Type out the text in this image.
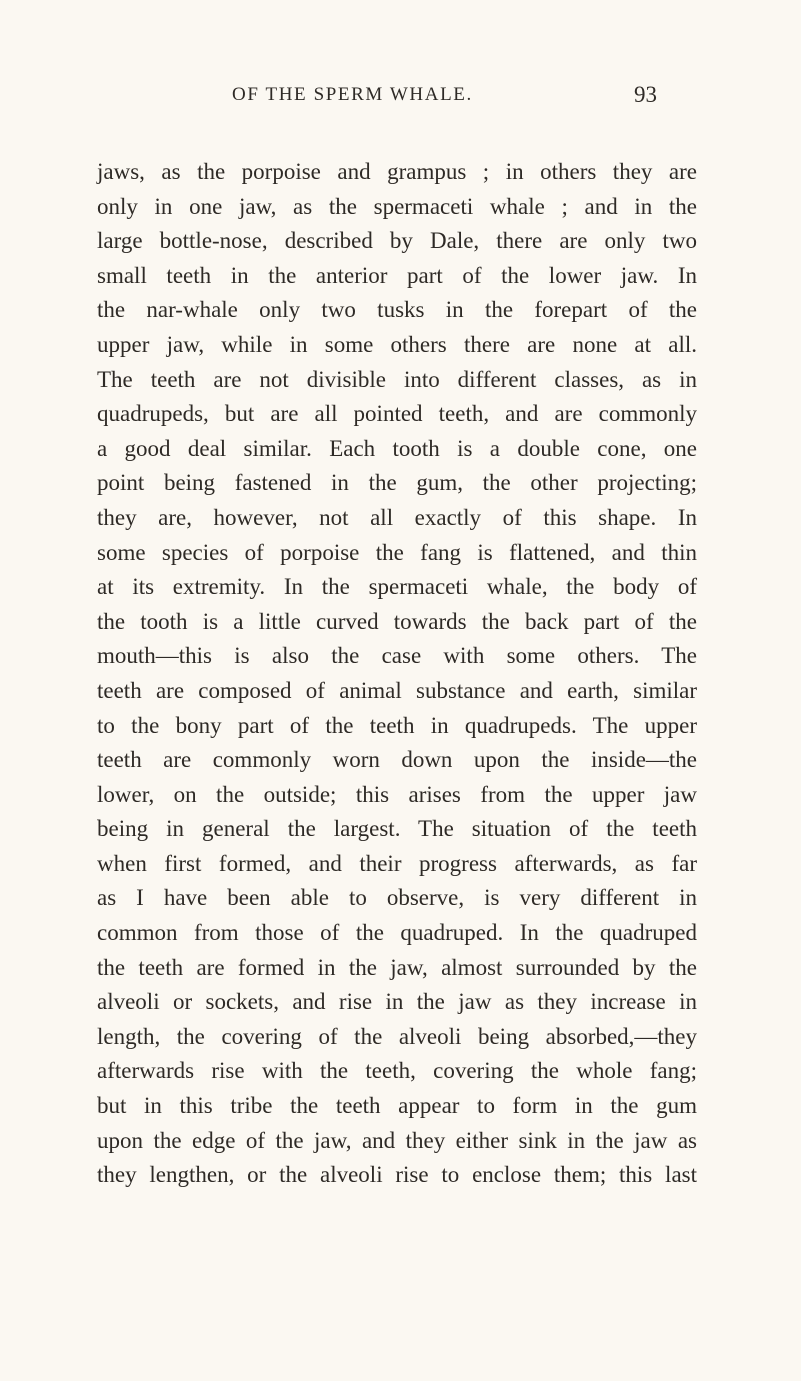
OF THE SPERM WHALE.	93
jaws, as the porpoise and grampus ; in others they are
only in one jaw, as the spermaceti whale ; and in the
large bottle-nose, described by Dale, there are only two
small teeth in the anterior part of the lower jaw. In
the nar-whale only two tusks in the forepart of the
upper jaw, while in some others there are none at all.
The teeth are not divisible into different classes, as in
quadrupeds, but are all pointed teeth, and are commonly
a good deal similar. Each tooth is a double cone, one
point being fastened in the gum, the other projecting;
they are, however, not all exactly of this shape. In
some species of porpoise the fang is flattened, and thin
at its extremity. In the spermaceti whale, the body of
the tooth is a little curved towards the back part of the
mouth—this is also the case with some others. The
teeth are composed of animal substance and earth, similar
to the bony part of the teeth in quadrupeds. The upper
teeth are commonly worn down upon the inside—the
lower, on the outside; this arises from the upper jaw
being in general the largest. The situation of the teeth
when first formed, and their progress afterwards, as far
as I have been able to observe, is very different in
common from those of the quadruped. In the quadruped
the teeth are formed in the jaw, almost surrounded by the
alveoli or sockets, and rise in the jaw as they increase in
length, the covering of the alveoli being absorbed,—they
afterwards rise with the teeth, covering the whole fang;
but in this tribe the teeth appear to form in the gum
upon the edge of the jaw, and they either sink in the jaw as
they lengthen, or the alveoli rise to enclose them; this last
